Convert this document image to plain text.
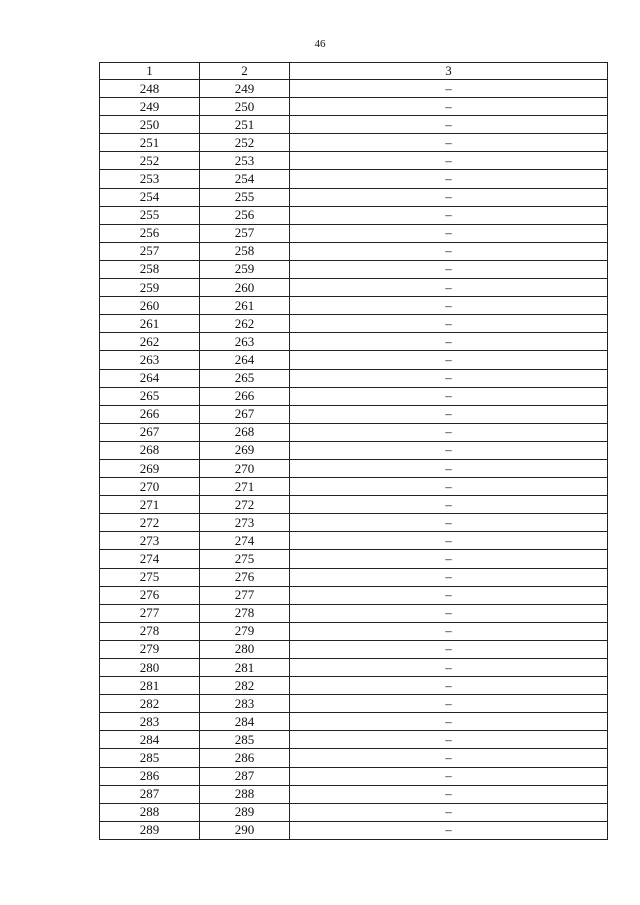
46
1	2	3
248	249	–
249	250	–
250	251	–
251	252	–
252	253	–
253	254	–
254	255	–
255	256	–
256	257	–
257	258	–
258	259	–
259	260	–
260	261	–
261	262	–
262	263	–
263	264	–
264	265	–
265	266	–
266	267	–
267	268	–
268	269	–
269	270	–
270	271	–
271	272	–
272	273	–
273	274	–
274	275	–
275	276	–
276	277	–
277	278	–
278	279	–
279	280	–
280	281	–
281	282	–
282	283	–
283	284	–
284	285	–
285	286	–
286	287	–
287	288	–
288	289	–
289	290	–
